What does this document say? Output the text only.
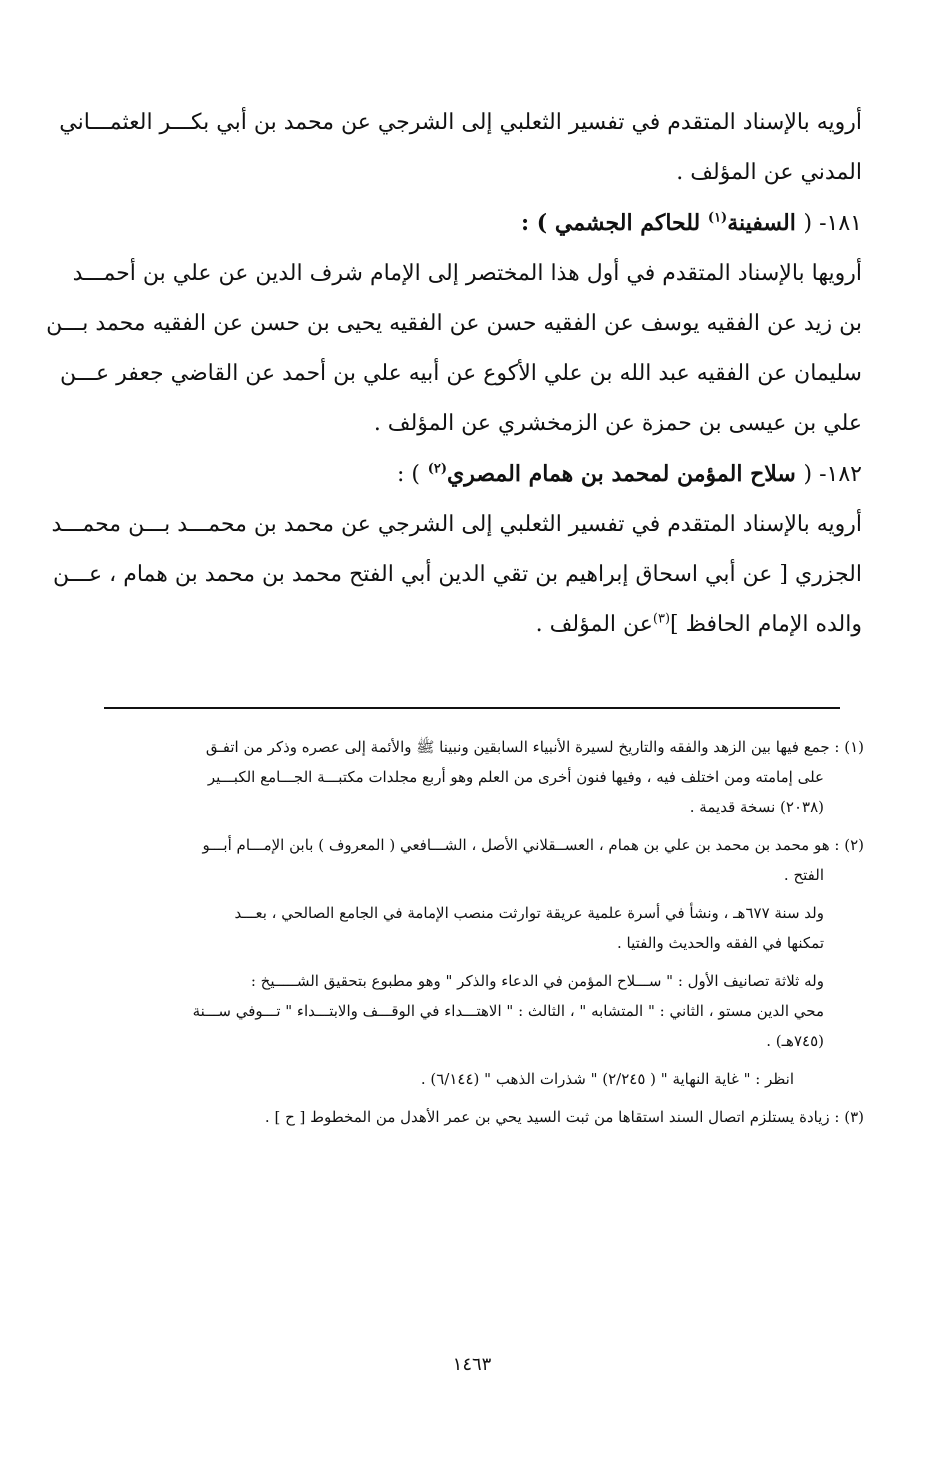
أرويه بالإسناد المتقدم في تفسير الثعلبي إلى الشرجي عن محمد بن أبي بكـــر العثمـــاني
المدني عن المؤلف .

١٨١- ( السفينة$^{(١)}$ للحاكم الجشمي ) :

أرويها بالإسناد المتقدم في أول هذا المختصر إلى الإمام شرف الدين عن علي بن أحمـــد
بن زيد عن الفقيه يوسف عن الفقيه حسن عن الفقيه يحيى بن حسن عن الفقيه محمد بـــن
سليمان عن الفقيه عبد الله بن علي الأكوع عن أبيه علي بن أحمد عن القاضي جعفر عـــن
علي بن عيسى بن حمزة عن الزمخشري عن المؤلف .

١٨٢- ( سلاح المؤمن لمحمد بن همام المصري$^{(٢)}$ ) :

أرويه بالإسناد المتقدم في تفسير الثعلبي إلى الشرجي عن محمد بن محمـــد بـــن محمـــد
الجزري [ عن أبي اسحاق إبراهيم بن تقي الدين أبي الفتح محمد بن محمد بن همام ، عـــن
والده الإمام الحافظ ]$^{(٣)}$عن المؤلف .

(١) : جمع فيها بين الزهد والفقه والتاريخ لسيرة الأنبياء السابقين ونبينا ﷺ والأئمة إلى عصره وذكر من اتفـق
على إمامته ومن اختلف فيه ، وفيها فنون أخرى من العلم وهو أربع مجلدات مكتبـــة الجـــامع الكبـــير
(٢٠٣٨) نسخة قديمة .
(٢) : هو محمد بن محمد بن علي بن همام ، العســقلاني الأصل ، الشـــافعي ( المعروف ) بابن الإمـــام أبـــو
الفتح .
ولد سنة ٦٧٧هـ ، ونشأ في أسرة علمية عريقة توارثت منصب الإمامة في الجامع الصالحي ، بعـــد
تمكنها في الفقه والحديث والفتيا .
وله ثلاثة تصانيف الأول : " ســـلاح المؤمن في الدعاء والذكر " وهو مطبوع بتحقيق الشـــــيخ :
محي الدين مستو ، الثاني : " المتشابه " ، الثالث : " الاهتـــداء في الوقـــف والابتـــداء " تـــوفي ســـنة
(٧٤٥هـ) .
انظر : " غاية النهاية " ( ٢/٢٤٥) " شذرات الذهب " (٦/١٤٤) .
(٣) : زيادة يستلزم اتصال السند استقاها من ثبت السيد يحي بن عمر الأهدل من المخطوط [ ح ] .
١٤٦٣
